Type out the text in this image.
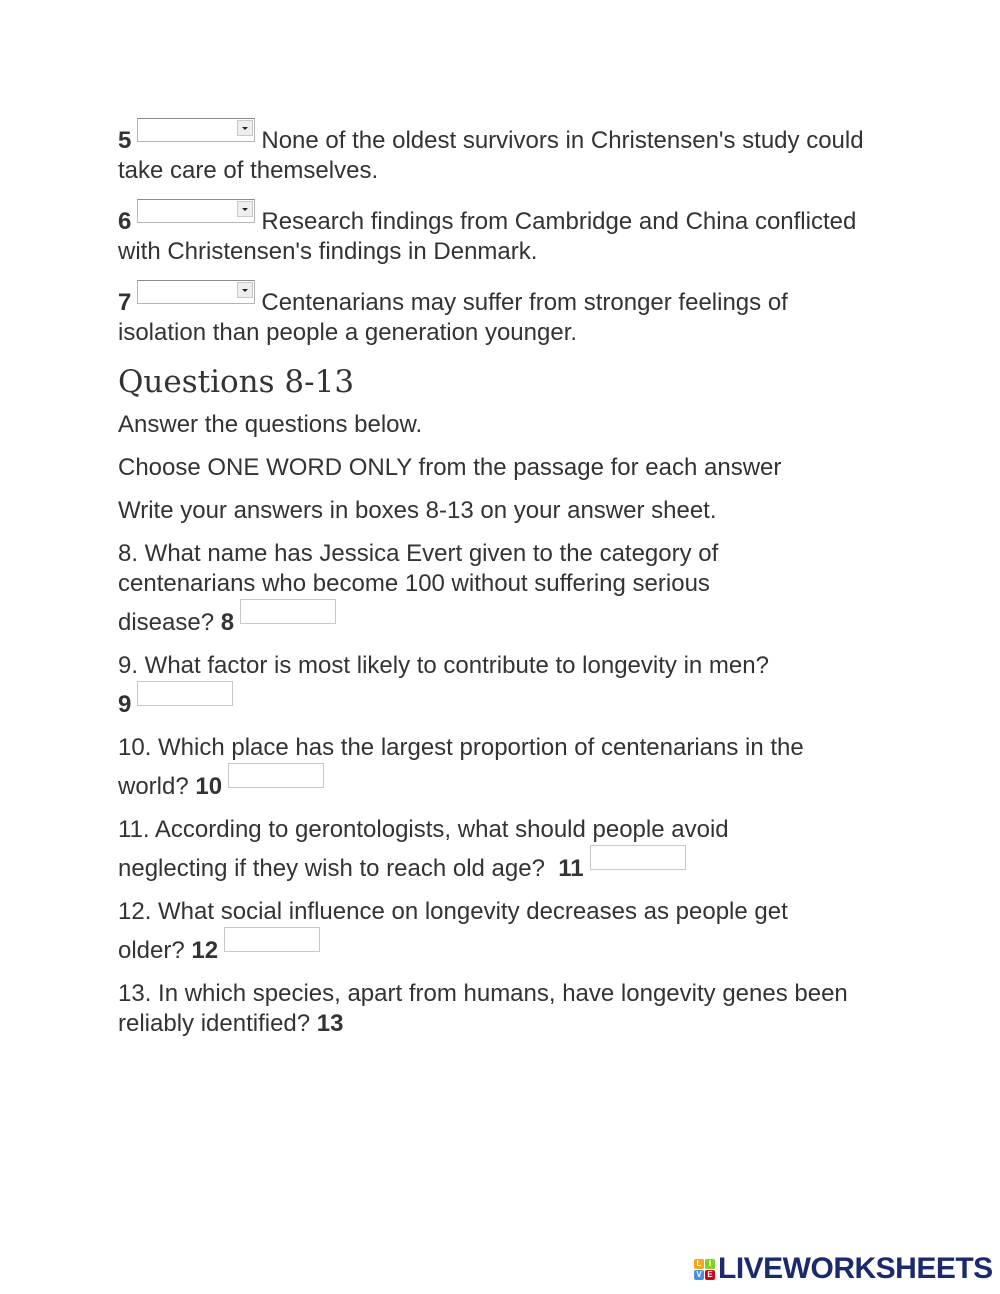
5	None of the oldest survivors in Christensen's study could take care of themselves.

6	Research findings from Cambridge and China conflicted with Christensen's findings in Denmark.

7	Centenarians may suffer from stronger feelings of isolation than people a generation younger.

Questions 8-13

Answer the questions below.

Choose ONE WORD ONLY from the passage for each answer

Write your answers in boxes 8-13 on your answer sheet.

8. What name has Jessica Evert given to the category of centenarians who become 100 without suffering serious disease? 8

9. What factor is most likely to contribute to longevity in men? 9

10. Which place has the largest proportion of centenarians in the world? 10

11. According to gerontologists, what should people avoid neglecting if they wish to reach old age? 11

12. What social influence on longevity decreases as people get older? 12

13. In which species, apart from humans, have longevity genes been reliably identified? 13

L I
V E LIVEWORKSHEETS
